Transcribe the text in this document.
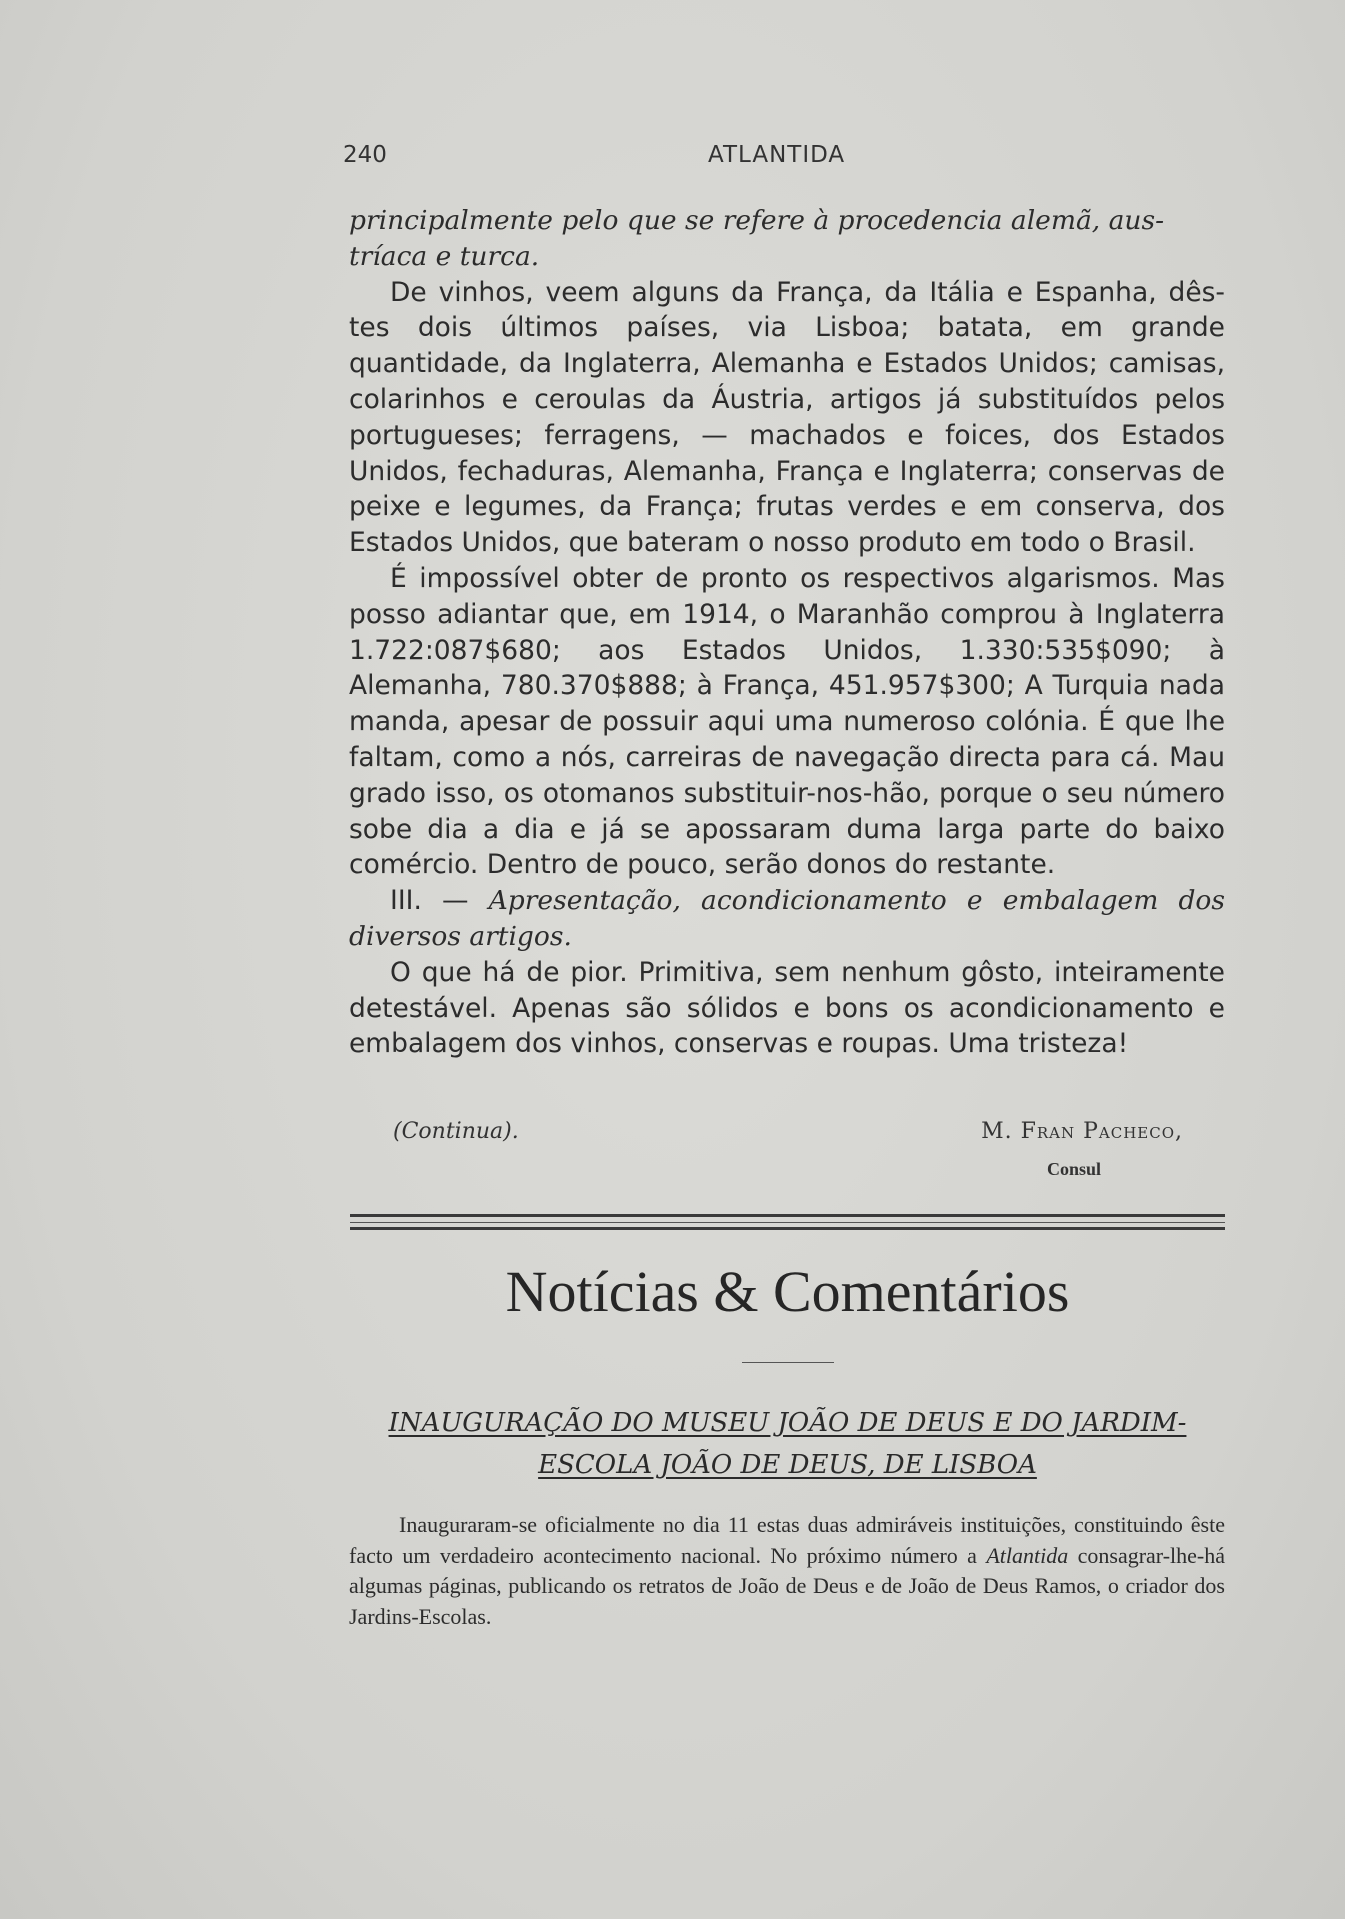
240	ATLANTIDA

principalmente pelo que se refere à procedencia alemã, aus-

tríaca e turca.

De vinhos, veem alguns da França, da Itália e Espanha, dês-tes dois últimos países, via Lisboa; batata, em grande quantidade, da Inglaterra, Alemanha e Estados Unidos; camisas, colarinhos e ceroulas da Áustria, artigos já substituídos pelos portugueses; ferragens, — machados e foices, dos Estados Unidos, fechaduras, Alemanha, França e Inglaterra; conservas de peixe e legumes, da França; frutas verdes e em conserva, dos Estados Unidos, que bateram o nosso produto em todo o Brasil.

É impossível obter de pronto os respectivos algarismos. Mas posso adiantar que, em 1914, o Maranhão comprou à Inglaterra 1.722:087$680; aos Estados Unidos, 1.330:535$090; à Alemanha, 780.370$888; à França, 451.957$300; A Turquia nada manda, apesar de possuir aqui uma numeroso colónia. É que lhe faltam, como a nós, carreiras de navegação directa para cá. Mau grado isso, os otomanos substituir-nos-hão, porque o seu número sobe dia a dia e já se apossaram duma larga parte do baixo comércio. Dentro de pouco, serão donos do restante.

III. — Apresentação, acondicionamento e embalagem dos diversos artigos.

O que há de pior. Primitiva, sem nenhum gôsto, inteiramente detestável. Apenas são sólidos e bons os acondicionamento e embalagem dos vinhos, conservas e roupas. Uma tristeza!

(Continua).	M. Fran Pacheco,
Consul
Notícias & Comentários
INAUGURAÇÃO DO MUSEU JOÃO DE DEUS E DO JARDIM-
ESCOLA JOÃO DE DEUS, DE LISBOA
Inauguraram-se oficialmente no dia 11 estas duas admiráveis instituições, constituindo êste facto um verdadeiro acontecimento nacional. No próximo número a Atlantida consagrar-lhe-há algumas páginas, publicando os retratos de João de Deus e de João de Deus Ramos, o criador dos Jardins-Escolas.
